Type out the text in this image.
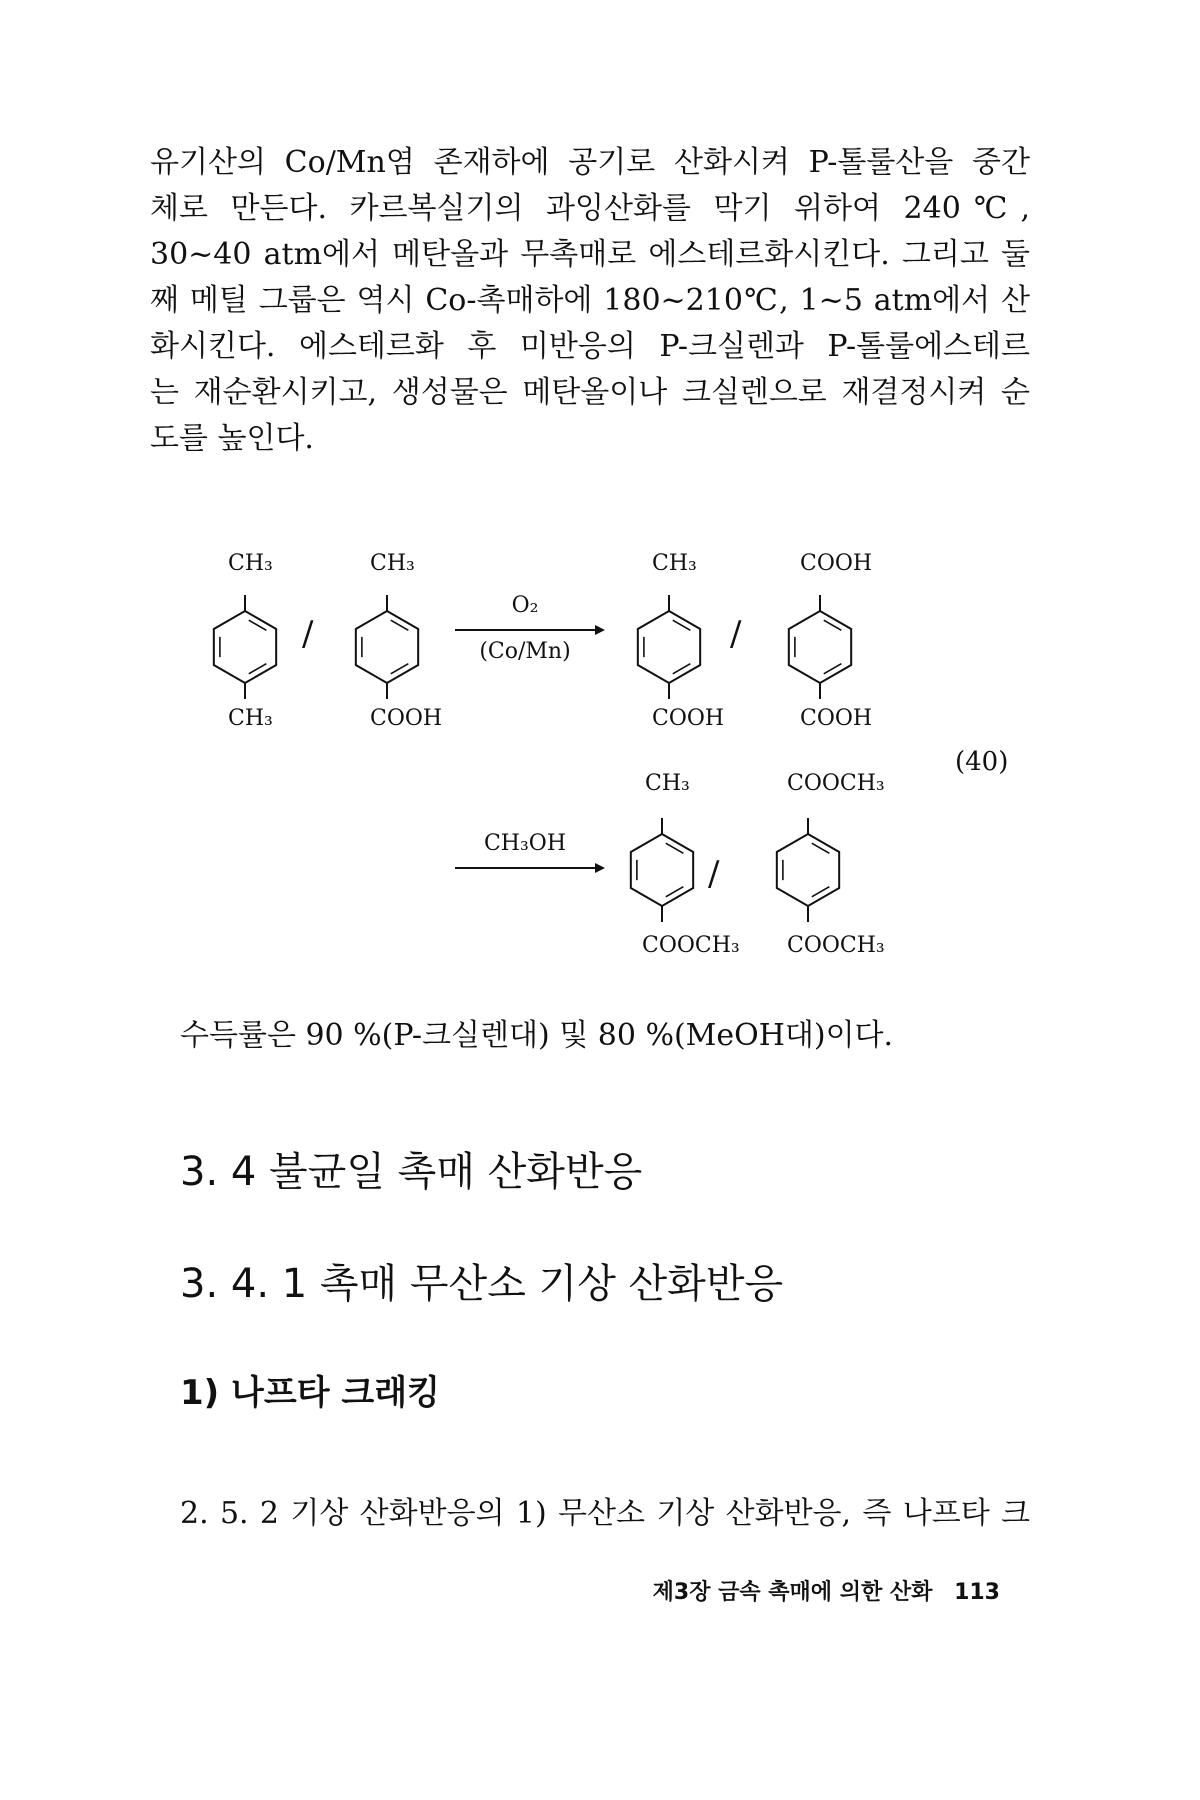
유기산의 Co/Mn염 존재하에 공기로 산화시켜 P-톨룰산을 중간
체로 만든다. 카르복실기의 과잉산화를 막기 위하여 240℃,
30~40 atm에서 메탄올과 무촉매로 에스테르화시킨다. 그리고 둘
째 메틸 그룹은 역시 Co-촉매하에 180~210℃, 1~5 atm에서 산
화시킨다. 에스테르화 후 미반응의 P-크실렌과 P-톨룰에스테르
는 재순환시키고, 생성물은 메탄올이나 크실렌으로 재결정시켜 순
도를 높인다.
CH₃
CH₃
/
CH₃
COOH
O₂
(Co/Mn)
CH₃
COOH
/
COOH
COOH
(40)
CH₃OH
CH₃
COOCH₃
/
COOCH₃
COOCH₃
수득률은 90 %(P-크실렌대) 및 80 %(MeOH대)이다.
3. 4 불균일 촉매 산화반응
3. 4. 1 촉매 무산소 기상 산화반응
1) 나프타 크래킹
2. 5. 2 기상 산화반응의 1) 무산소 기상 산화반응, 즉 나프타 크
제3장 금속 촉매에 의한 산화 113
